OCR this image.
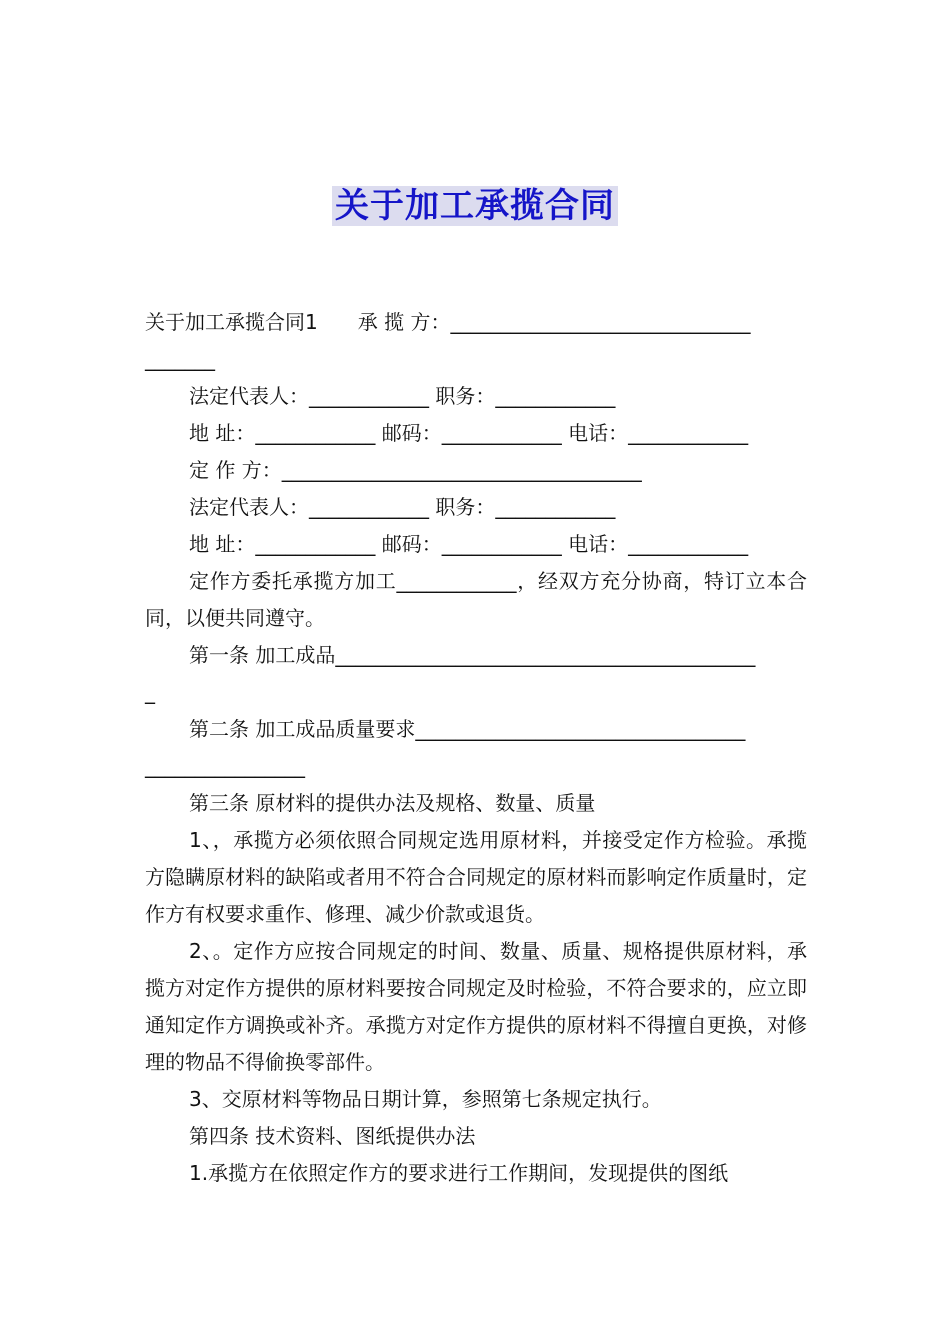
关于加工承揽合同
关于加工承揽合同1　　承 揽 方：______________________________
_______
法定代表人：____________ 职务：____________
地 址：____________ 邮码：____________ 电话：____________
定 作 方：____________________________________
法定代表人：____________ 职务：____________
地 址：____________ 邮码：____________ 电话：____________
定作方委托承揽方加工____________，经双方充分协商，特订立本合同，以便共同遵守。
第一条 加工成品__________________________________________
_
第二条 加工成品质量要求_________________________________
________________
第三条 原材料的提供办法及规格、数量、质量
1、，承揽方必须依照合同规定选用原材料，并接受定作方检验。承揽方隐瞒原材料的缺陷或者用不符合合同规定的原材料而影响定作质量时，定作方有权要求重作、修理、减少价款或退货。
2、。定作方应按合同规定的时间、数量、质量、规格提供原材料，承揽方对定作方提供的原材料要按合同规定及时检验，不符合要求的，应立即通知定作方调换或补齐。承揽方对定作方提供的原材料不得擅自更换，对修理的物品不得偷换零部件。
3、交原材料等物品日期计算，参照第七条规定执行。
第四条 技术资料、图纸提供办法
1.承揽方在依照定作方的要求进行工作期间，发现提供的图纸
